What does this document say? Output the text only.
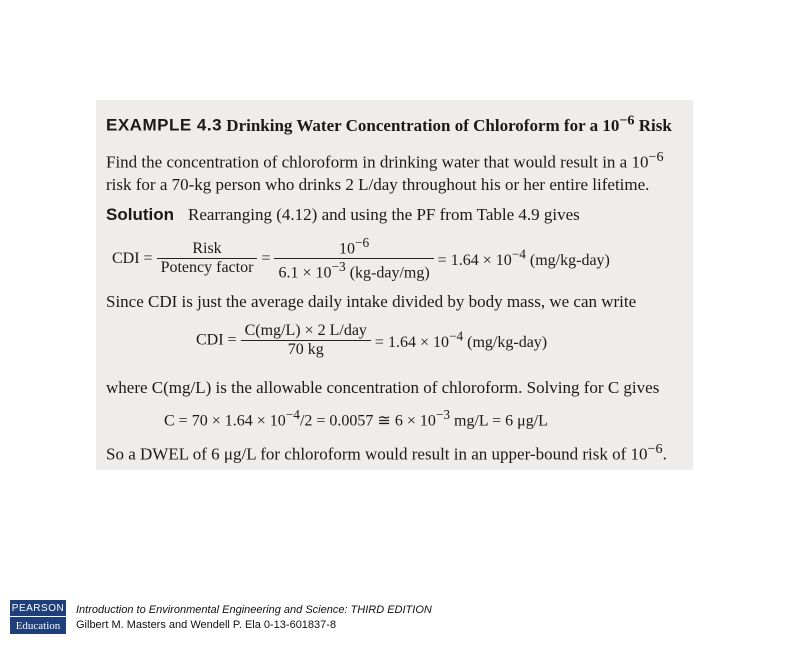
EXAMPLE 4.3 Drinking Water Concentration of Chloroform for a $10^{-6}$ Risk
Find the concentration of chloroform in drinking water that would result in a $10^{-6}$
risk for a 70-kg person who drinks 2 L/day throughout his or her entire lifetime.
Solution Rearranging (4.12) and using the PF from Table 4.9 gives
CDI = $\frac{\text{Risk}}{\text{Potency factor}} = \frac{10^{-6}}{6.1 \times 10^{-3} (kg-day/mg)} = 1.64 \times 10^{-4}$ (mg/kg-day)
Since CDI is just the average daily intake divided by body mass, we can write
CDI = $\frac{\text{C(mg/L) × 2 L/day}}{70 kg} = 1.64 \times 10^{-4}$ (mg/kg-day)
where C(mg/L) is the allowable concentration of chloroform. Solving for C gives
$C = 70 \times 1.64 \times 10^{-4}/2 = 0.0057$ ≅ $6 \times 10^{-3}$ mg/L = 6 μg/L
So a DWEL of 6 μg/L for chloroform would result in an upper-bound risk of $10^{-6}$.
PEARSON
Education
Introduction to Environmental Engineering and Science: THIRD EDITION
Gilbert M. Masters and Wendell P. Ela 0-13-601837-8
